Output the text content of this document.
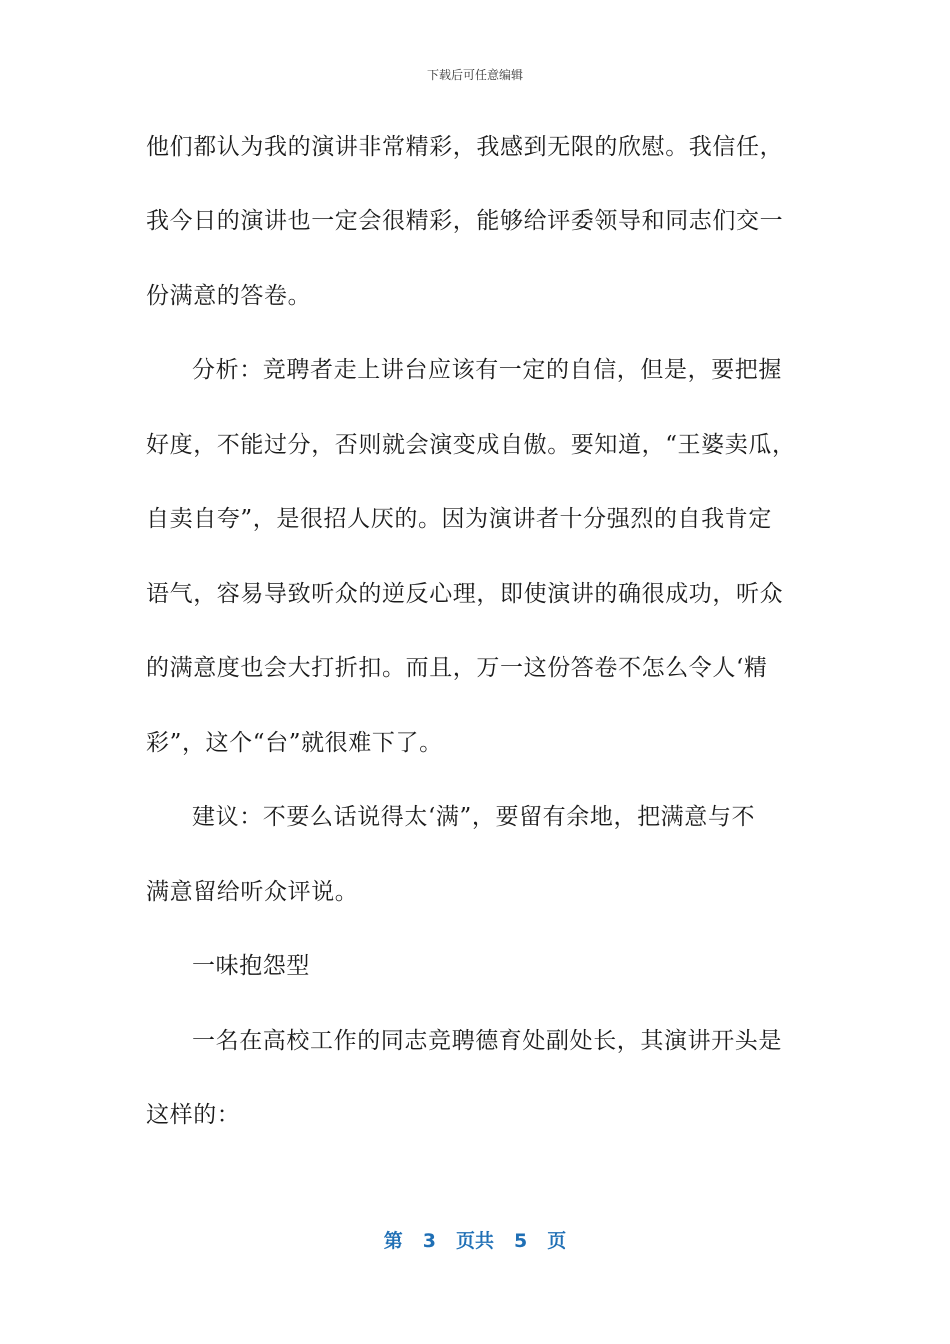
下载后可任意编辑
他们都认为我的演讲非常精彩，我感到无限的欣慰。我信任，
我今日的演讲也一定会很精彩，能够给评委领导和同志们交一
份满意的答卷。
分析：竞聘者走上讲台应该有一定的自信，但是，要把握
好度，不能过分，否则就会演变成自傲。要知道，“王婆卖瓜，
自卖自夸”，是很招人厌的。因为演讲者十分强烈的自我肯定
语气，容易导致听众的逆反心理，即使演讲的确很成功，听众
的满意度也会大打折扣。而且，万一这份答卷不怎么令人‘精
彩”，这个“台”就很难下了。
建议：不要么话说得太‘满”，要留有余地，把满意与不
满意留给听众评说。
一味抱怨型
一名在高校工作的同志竞聘德育处副处长，其演讲开头是
这样的：
第 3 页共 5 页
